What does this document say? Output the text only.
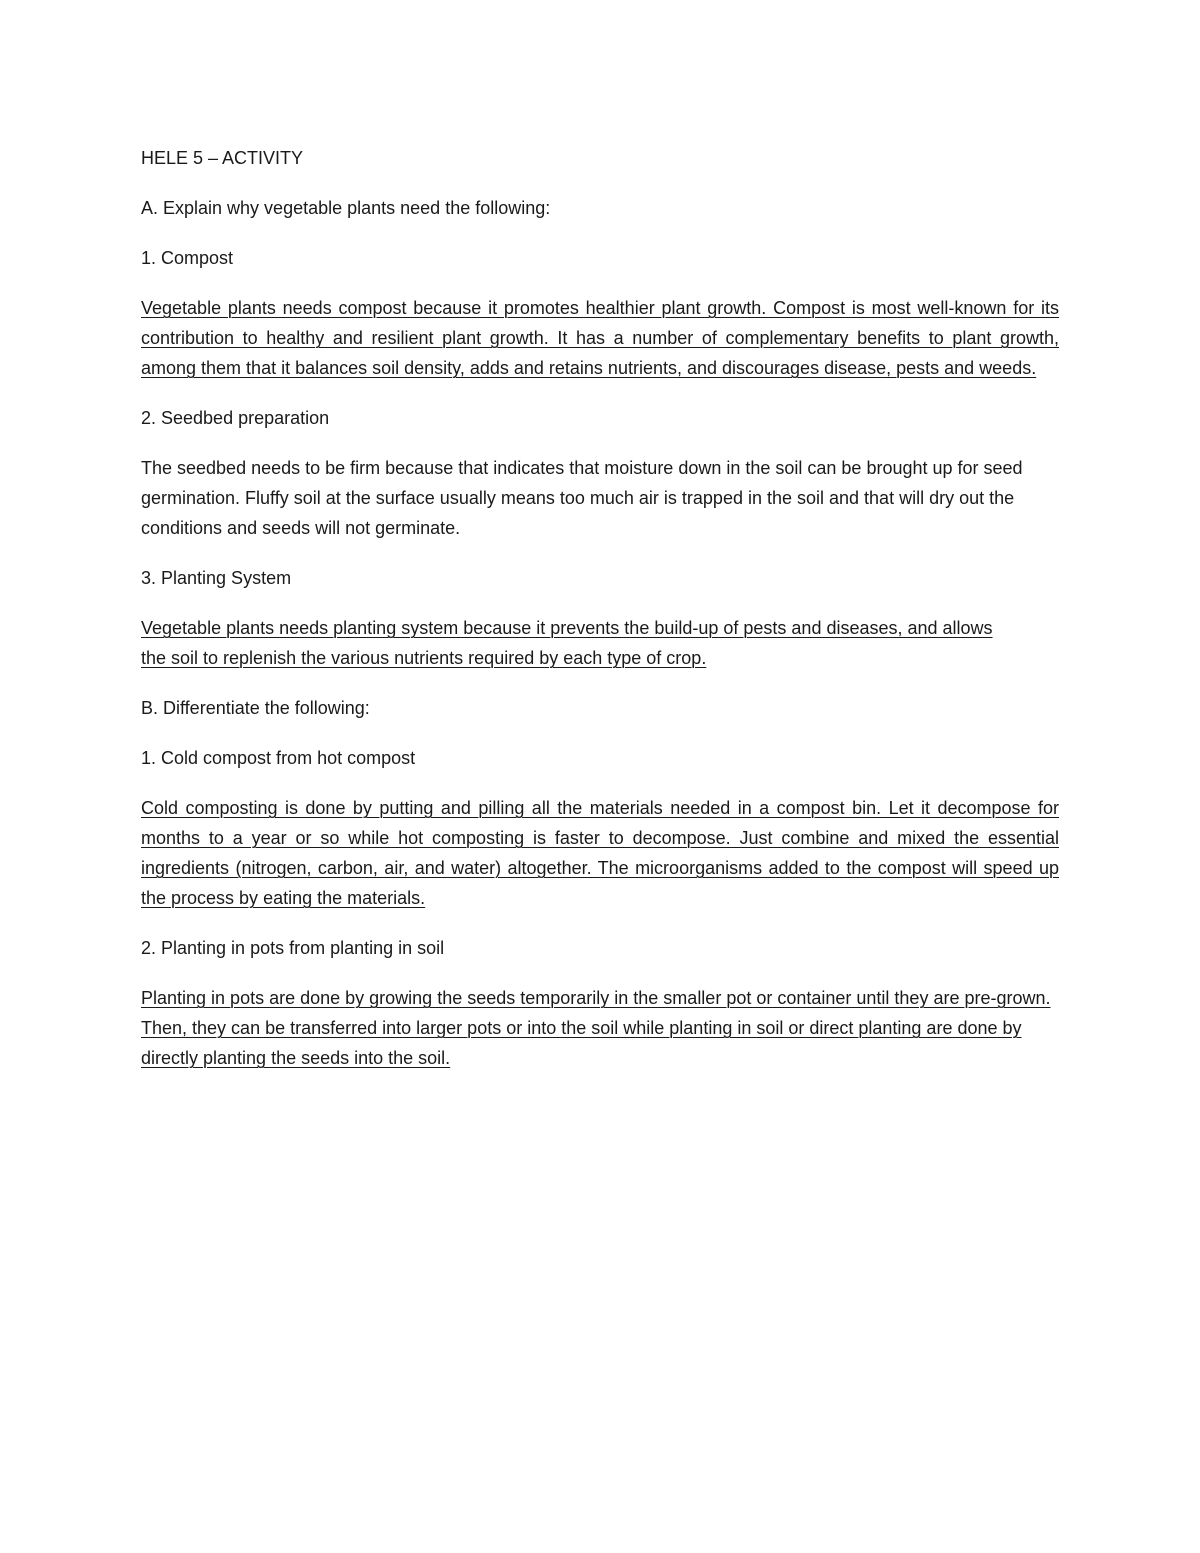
HELE 5 – ACTIVITY

A. Explain why vegetable plants need the following:

1. Compost

Vegetable plants needs compost because it promotes healthier plant growth. Compost is most well-known for its contribution to healthy and resilient plant growth. It has a number of complementary benefits to plant growth, among them that it balances soil density, adds and retains nutrients, and discourages disease, pests and weeds.

2. Seedbed preparation

The seedbed needs to be firm because that indicates that moisture down in the soil can be brought up for seed germination. Fluffy soil at the surface usually means too much air is trapped in the soil and that will dry out the conditions and seeds will not germinate.

3. Planting System

Vegetable plants needs planting system because it prevents the build-up of pests and diseases, and allows the soil to replenish the various nutrients required by each type of crop.

B. Differentiate the following:

1. Cold compost from hot compost

Cold composting is done by putting and pilling all the materials needed in a compost bin. Let it decompose for months to a year or so while hot composting is faster to decompose. Just combine and mixed the essential ingredients (nitrogen, carbon, air, and water) altogether. The microorganisms added to the compost will speed up the process by eating the materials.

2. Planting in pots from planting in soil

Planting in pots are done by growing the seeds temporarily in the smaller pot or container until they are pre-grown. Then, they can be transferred into larger pots or into the soil while planting in soil or direct planting are done by directly planting the seeds into the soil.
